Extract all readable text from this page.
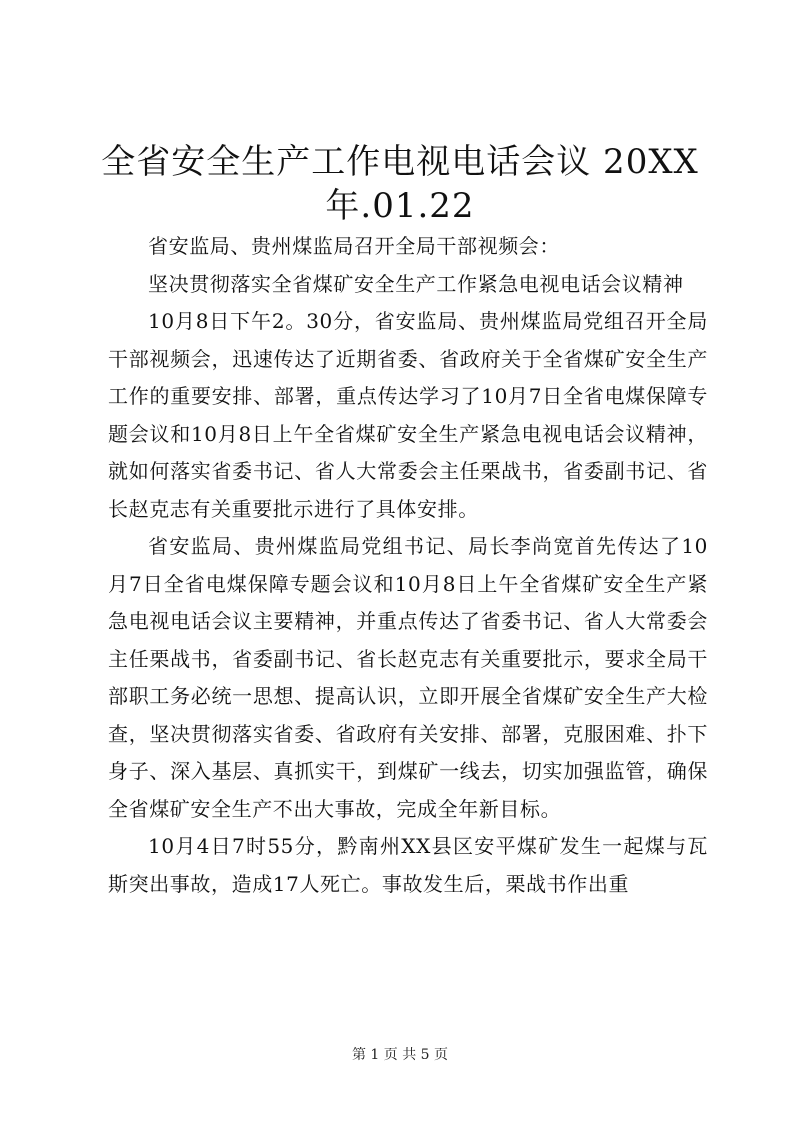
全省安全生产工作电视电话会议 20XX
年.01.22

省安监局、贵州煤监局召开全局干部视频会：

坚决贯彻落实全省煤矿安全生产工作紧急电视电话会议精神

10月8日下午2。30分，省安监局、贵州煤监局党组召开全局干部视频会，迅速传达了近期省委、省政府关于全省煤矿安全生产工作的重要安排、部署，重点传达学习了10月7日全省电煤保障专题会议和10月8日上午全省煤矿安全生产紧急电视电话会议精神，就如何落实省委书记、省人大常委会主任栗战书，省委副书记、省长赵克志有关重要批示进行了具体安排。

省安监局、贵州煤监局党组书记、局长李尚宽首先传达了10月7日全省电煤保障专题会议和10月8日上午全省煤矿安全生产紧急电视电话会议主要精神，并重点传达了省委书记、省人大常委会主任栗战书，省委副书记、省长赵克志有关重要批示，要求全局干部职工务必统一思想、提高认识，立即开展全省煤矿安全生产大检查，坚决贯彻落实省委、省政府有关安排、部署，克服困难、扑下身子、深入基层、真抓实干，到煤矿一线去，切实加强监管，确保全省煤矿安全生产不出大事故，完成全年新目标。

10月4日7时55分，黔南州XX县区安平煤矿发生一起煤与瓦斯突出事故，造成17人死亡。事故发生后，栗战书作出重

第 1 页 共 5 页
